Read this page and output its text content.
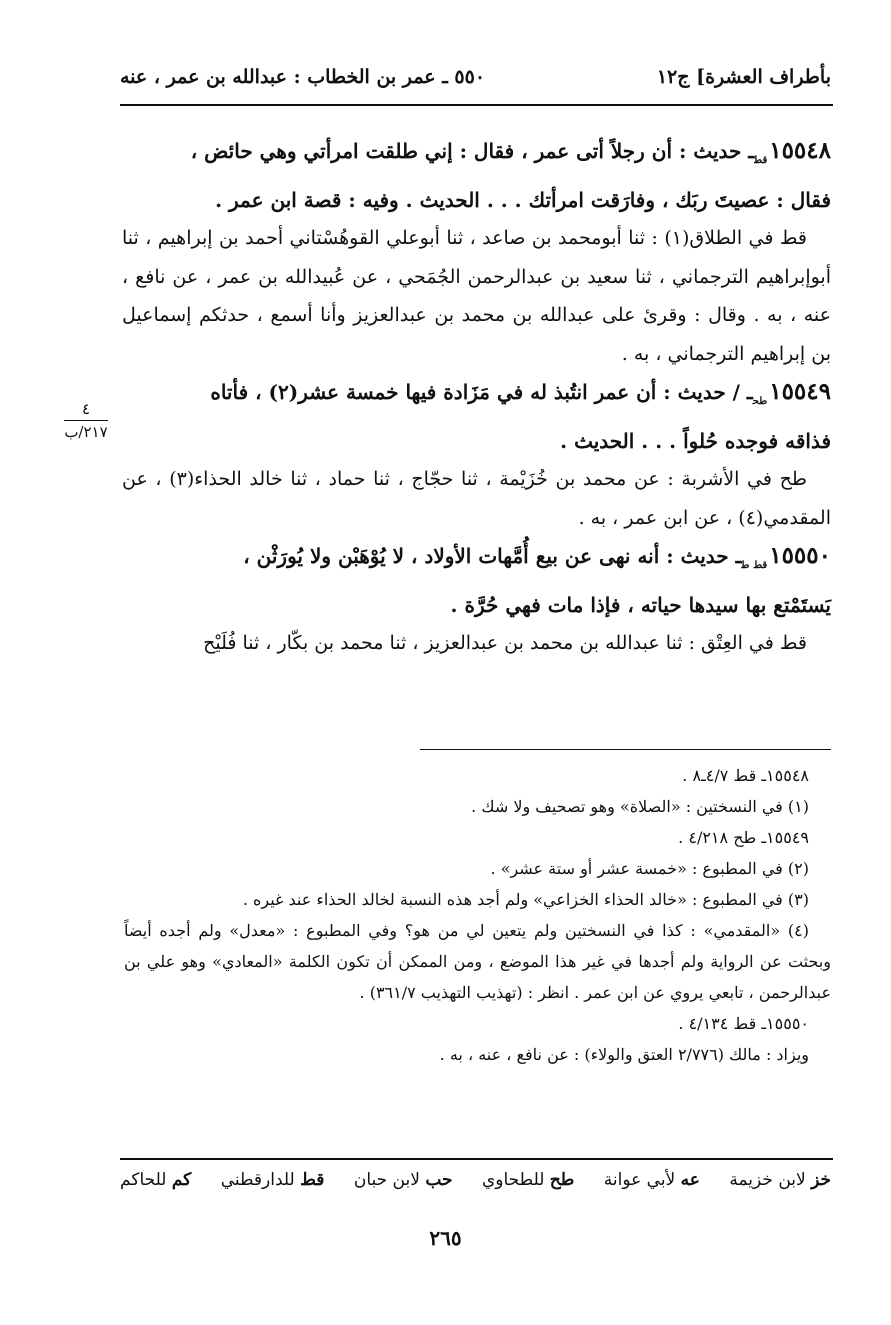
بأطراف العشرة] ج١٢
٥٥٠ ـ عمر بن الخطاب : عبدالله بن عمر ، عنه
٤
٢١٧/ب
$١٥٥٤٨_{قط}ـ$ حديث : أن رجلاً أتى عمر ، فقال : إني طلقت امرأتي وهي حائض ،
فقال : عصيتَ ربَك ، وفارَقت امرأتك . . . الحديث . وفيه : قصة ابن عمر .
قط في الطلاق(١) : ثنا أبومحمد بن صاعد ، ثنا أبوعلي القوهُسْتاني أحمد بن إبراهيم ، ثنا أبوإبراهيم الترجماني ، ثنا سعيد بن عبدالرحمن الجُمَحي ، عن عُبيدالله بن عمر ، عن نافع ، عنه ، به . وقال : وقرئ على عبدالله بن محمد بن عبدالعزيز وأنا أسمع ، حدثكم إسماعيل بن إبراهيم الترجماني ، به .
$١٥٥٤٩_{طح}ـ$ / حديث : أن عمر انتُبذ له في مَزَادة فيها خمسة عشر(٢) ، فأتاه
فذاقه فوجده حُلواً . . . الحديث .
طح في الأشربة : عن محمد بن خُزَيْمة ، ثنا حجّاج ، ثنا حماد ، ثنا خالد الحذاء(٣) ، عن المقدمي(٤) ، عن ابن عمر ، به .
$١٥٥٥٠_{قط ط}ـ$ حديث : أنه نهى عن بيع أُمَّهات الأولاد ، لا يُوْهَبْن ولا يُورَثْن ،
يَستَمْتع بها سيدها حياته ، فإذا مات فهي حُرَّة .
قط في العِتْق : ثنا عبدالله بن محمد بن عبدالعزيز ، ثنا محمد بن بكّار ، ثنا فُلَيْح
١٥٥٤٨ـ قط ٤/٧ـ٨ .
(١) في النسختين : «الصلاة» وهو تصحيف ولا شك .
١٥٥٤٩ـ طح ٤/٢١٨ .
(٢) في المطبوع : «خمسة عشر أو ستة عشر» .
(٣) في المطبوع : «خالد الحذاء الخزاعي» ولم أجد هذه النسبة لخالد الحذاء عند غيره .
(٤) «المقدمي» : كذا في النسختين ولم يتعين لي من هو؟ وفي المطبوع : «معدل» ولم أجده أيضاً وبحثت عن الرواية ولم أجدها في غير هذا الموضع ، ومن الممكن أن تكون الكلمة «المعادي» وهو علي بن عبدالرحمن ، تابعي يروي عن ابن عمر . انظر : (تهذيب التهذيب ٣٦١/٧) .
١٥٥٥٠ـ قط ٤/١٣٤ .
ويزاد : مالك (٢/٧٧٦ العتق والولاء) : عن نافع ، عنه ، به .
خز لابن خزيمة
عه لأبي عوانة
طح للطحاوي
حب لابن حبان
قط للدارقطني
كم للحاكم
٢٦٥
